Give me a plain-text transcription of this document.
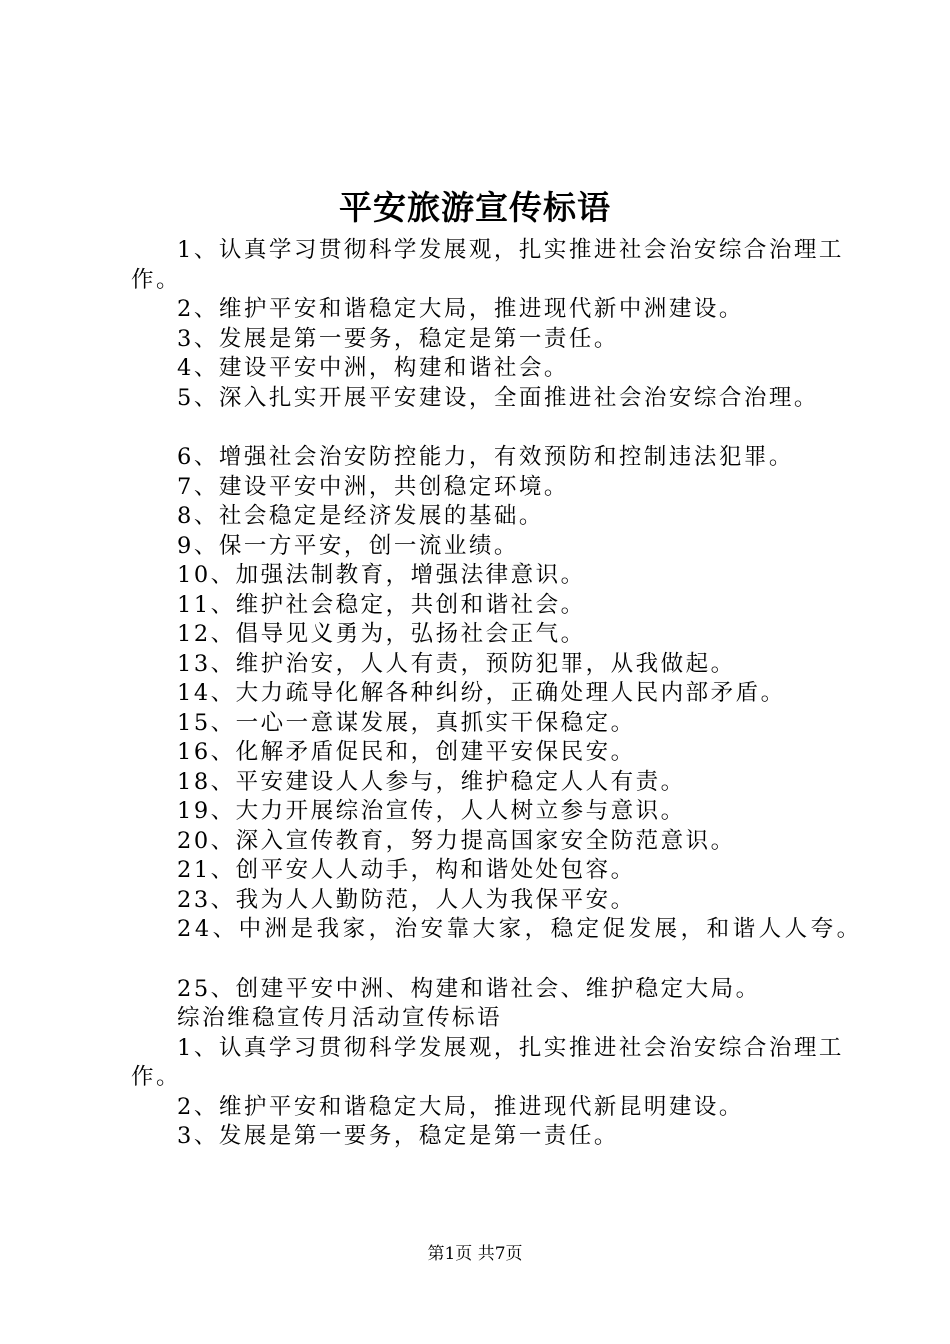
平安旅游宣传标语

1、认真学习贯彻科学发展观，扎实推进社会治安综合治理工作。

2、维护平安和谐稳定大局，推进现代新中洲建设。

3、发展是第一要务，稳定是第一责任。

4、建设平安中洲，构建和谐社会。

5、深入扎实开展平安建设，全面推进社会治安综合治理。

6、增强社会治安防控能力，有效预防和控制违法犯罪。

7、建设平安中洲，共创稳定环境。

8、社会稳定是经济发展的基础。

9、保一方平安，创一流业绩。

10、加强法制教育，增强法律意识。

11、维护社会稳定，共创和谐社会。

12、倡导见义勇为，弘扬社会正气。

13、维护治安，人人有责，预防犯罪，从我做起。

14、大力疏导化解各种纠纷，正确处理人民内部矛盾。

15、一心一意谋发展，真抓实干保稳定。

16、化解矛盾促民和，创建平安保民安。

18、平安建设人人参与，维护稳定人人有责。

19、大力开展综治宣传，人人树立参与意识。

20、深入宣传教育，努力提高国家安全防范意识。

21、创平安人人动手，构和谐处处包容。

23、我为人人勤防范，人人为我保平安。

24、中洲是我家，治安靠大家，稳定促发展，和谐人人夸。

25、创建平安中洲、构建和谐社会、维护稳定大局。

综治维稳宣传月活动宣传标语

1、认真学习贯彻科学发展观，扎实推进社会治安综合治理工作。

2、维护平安和谐稳定大局，推进现代新昆明建设。

3、发展是第一要务，稳定是第一责任。

第1页 共7页
